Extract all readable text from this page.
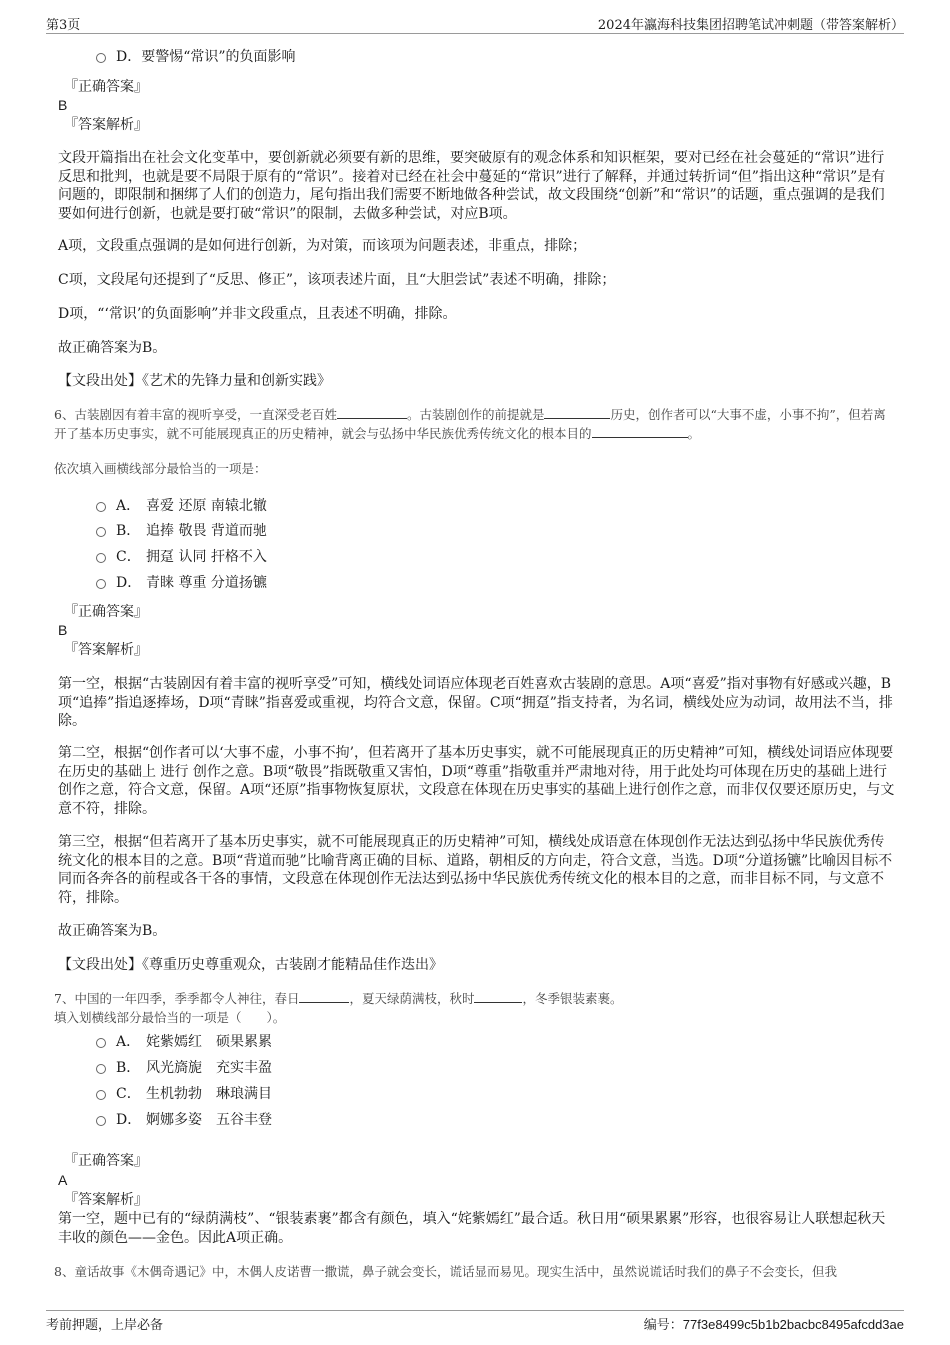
第3页	2024年瀛海科技集团招聘笔试冲刺题（带答案解析）
D．要警惕“常识”的负面影响
『正确答案』
B
『答案解析』
文段开篇指出在社会文化变革中，要创新就必须要有新的思维，要突破原有的观念体系和知识框架，要对已经在社会蔓延的“常识”进行反思和批判，也就是要不局限于原有的“常识”。接着对已经在社会中蔓延的“常识”进行了解释，并通过转折词“但”指出这种“常识”是有问题的，即限制和捆绑了人们的创造力，尾句指出我们需要不断地做各种尝试，故文段围绕“创新”和“常识”的话题，重点强调的是我们要如何进行创新，也就是要打破“常识”的限制，去做多种尝试，对应B项。
A项，文段重点强调的是如何进行创新，为对策，而该项为问题表述，非重点，排除；
C项，文段尾句还提到了“反思、修正”，该项表述片面，且“大胆尝试”表述不明确，排除；
D项，“‘常识’的负面影响”并非文段重点，且表述不明确，排除。
故正确答案为B。
【文段出处】《艺术的先锋力量和创新实践》
6、古装剧因有着丰富的视听享受，一直深受老百姓	。古装剧创作的前提就是	历史，创作者可以“大事不虚，小事不拘”，但若离开了基本历史事实，就不可能展现真正的历史精神，就会与弘扬中华民族优秀传统文化的根本目的	。
依次填入画横线部分最恰当的一项是：
A． 喜爱 还原 南辕北辙
B． 追捧 敬畏 背道而驰
C． 拥趸 认同 扞格不入
D． 青睐 尊重 分道扬镳
『正确答案』
B
『答案解析』
第一空，根据“古装剧因有着丰富的视听享受”可知，横线处词语应体现老百姓喜欢古装剧的意思。A项“喜爱”指对事物有好感或兴趣，B项“追捧”指追逐捧场，D项“青睐”指喜爱或重视，均符合文意，保留。C项“拥趸”指支持者，为名词，横线处应为动词，故用法不当，排除。
第二空，根据“创作者可以‘大事不虚，小事不拘’，但若离开了基本历史事实，就不可能展现真正的历史精神”可知，横线处词语应体现要在历史的基础上 进行 创作之意。B项“敬畏”指既敬重又害怕，D项“尊重”指敬重并严肃地对待，用于此处均可体现在历史的基础上进行创作之意，符合文意，保留。A项“还原”指事物恢复原状，文段意在体现在历史事实的基础上进行创作之意，而非仅仅要还原历史，与文意不符，排除。
第三空，根据“但若离开了基本历史事实，就不可能展现真正的历史精神”可知，横线处成语意在体现创作无法达到弘扬中华民族优秀传统文化的根本目的之意。B项“背道而驰”比喻背离正确的目标、道路，朝相反的方向走，符合文意，当选。D项“分道扬镳”比喻因目标不同而各奔各的前程或各干各的事情，文段意在体现创作无法达到弘扬中华民族优秀传统文化的根本目的之意，而非目标不同，与文意不符，排除。
故正确答案为B。
【文段出处】《尊重历史尊重观众，古装剧才能精品佳作迭出》
7、中国的一年四季，季季都令人神往，春日	，夏天绿荫满枝，秋时	，冬季银装素裹。
填入划横线部分最恰当的一项是（　　）。
A． 姹紫嫣红　硕果累累
B． 风光旖旎　充实丰盈
C． 生机勃勃　琳琅满目
D． 婀娜多姿　五谷丰登
『正确答案』
A
『答案解析』
第一空，题中已有的“绿荫满枝”、“银装素裹”都含有颜色，填入“姹紫嫣红”最合适。秋日用“硕果累累”形容，也很容易让人联想起秋天丰收的颜色——金色。因此A项正确。
8、童话故事《木偶奇遇记》中，木偶人皮诺曹一撒谎，鼻子就会变长，谎话显而易见。现实生活中，虽然说谎话时我们的鼻子不会变长，但我
考前押题，上岸必备	编号：77f3e8499c5b1b2bacbc8495afcdd3ae
